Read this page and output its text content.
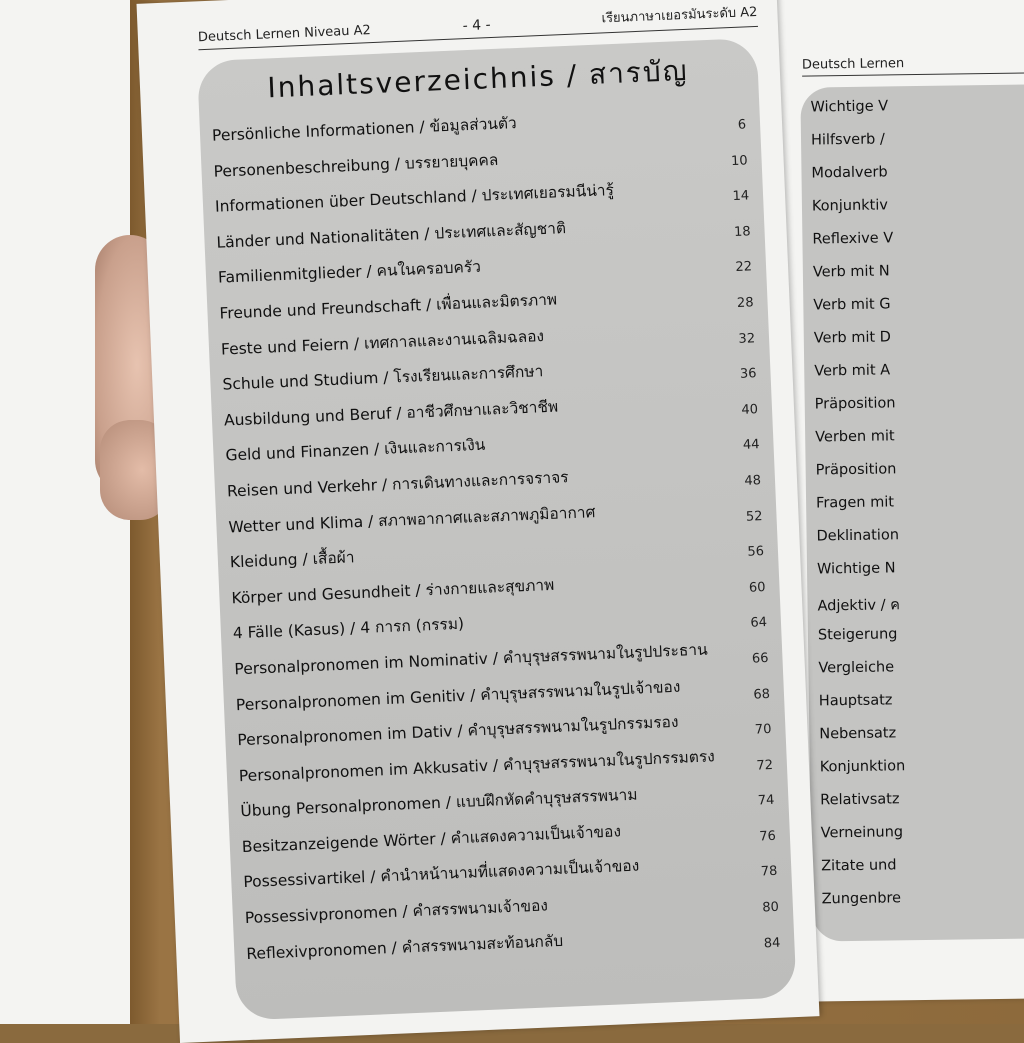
Deutsch Lernen
Wichtige V
Hilfsverb /
Modalverb
Konjunktiv
Reflexive V
Verb mit N
Verb mit G
Verb mit D
Verb mit A
Präposition
Verben mit
Präposition
Fragen mit
Deklination
Wichtige N
Adjektiv / ค
Steigerung
Vergleiche
Hauptsatz
Nebensatz
Konjunktion
Relativsatz
Verneinung
Zitate und
Zungenbre
Deutsch Lernen Niveau A2	- 4 -	เรียนภาษาเยอรมันระดับ A2
Inhaltsverzeichnis / สารบัญ
Persönliche Informationen / ข้อมูลส่วนตัว	6
Personenbeschreibung / บรรยายบุคคล	10
Informationen über Deutschland / ประเทศเยอรมนีน่ารู้	14
Länder und Nationalitäten / ประเทศและสัญชาติ	18
Familienmitglieder / คนในครอบครัว	22
Freunde und Freundschaft / เพื่อนและมิตรภาพ	28
Feste und Feiern / เทศกาลและงานเฉลิมฉลอง	32
Schule und Studium / โรงเรียนและการศึกษา	36
Ausbildung und Beruf / อาชีวศึกษาและวิชาชีพ	40
Geld und Finanzen / เงินและการเงิน	44
Reisen und Verkehr / การเดินทางและการจราจร	48
Wetter und Klima / สภาพอากาศและสภาพภูมิอากาศ	52
Kleidung / เสื้อผ้า	56
Körper und Gesundheit / ร่างกายและสุขภาพ	60
4 Fälle (Kasus) / 4 การก (กรรม)	64
Personalpronomen im Nominativ / คำบุรุษสรรพนามในรูปประธาน	66
Personalpronomen im Genitiv / คำบุรุษสรรพนามในรูปเจ้าของ	68
Personalpronomen im Dativ / คำบุรุษสรรพนามในรูปกรรมรอง	70
Personalpronomen im Akkusativ / คำบุรุษสรรพนามในรูปกรรมตรง	72
Übung Personalpronomen / แบบฝึกหัดคำบุรุษสรรพนาม	74
Besitzanzeigende Wörter / คำแสดงความเป็นเจ้าของ	76
Possessivartikel / คำนำหน้านามที่แสดงความเป็นเจ้าของ	78
Possessivpronomen / คำสรรพนามเจ้าของ	80
Reflexivpronomen / คำสรรพนามสะท้อนกลับ	84
